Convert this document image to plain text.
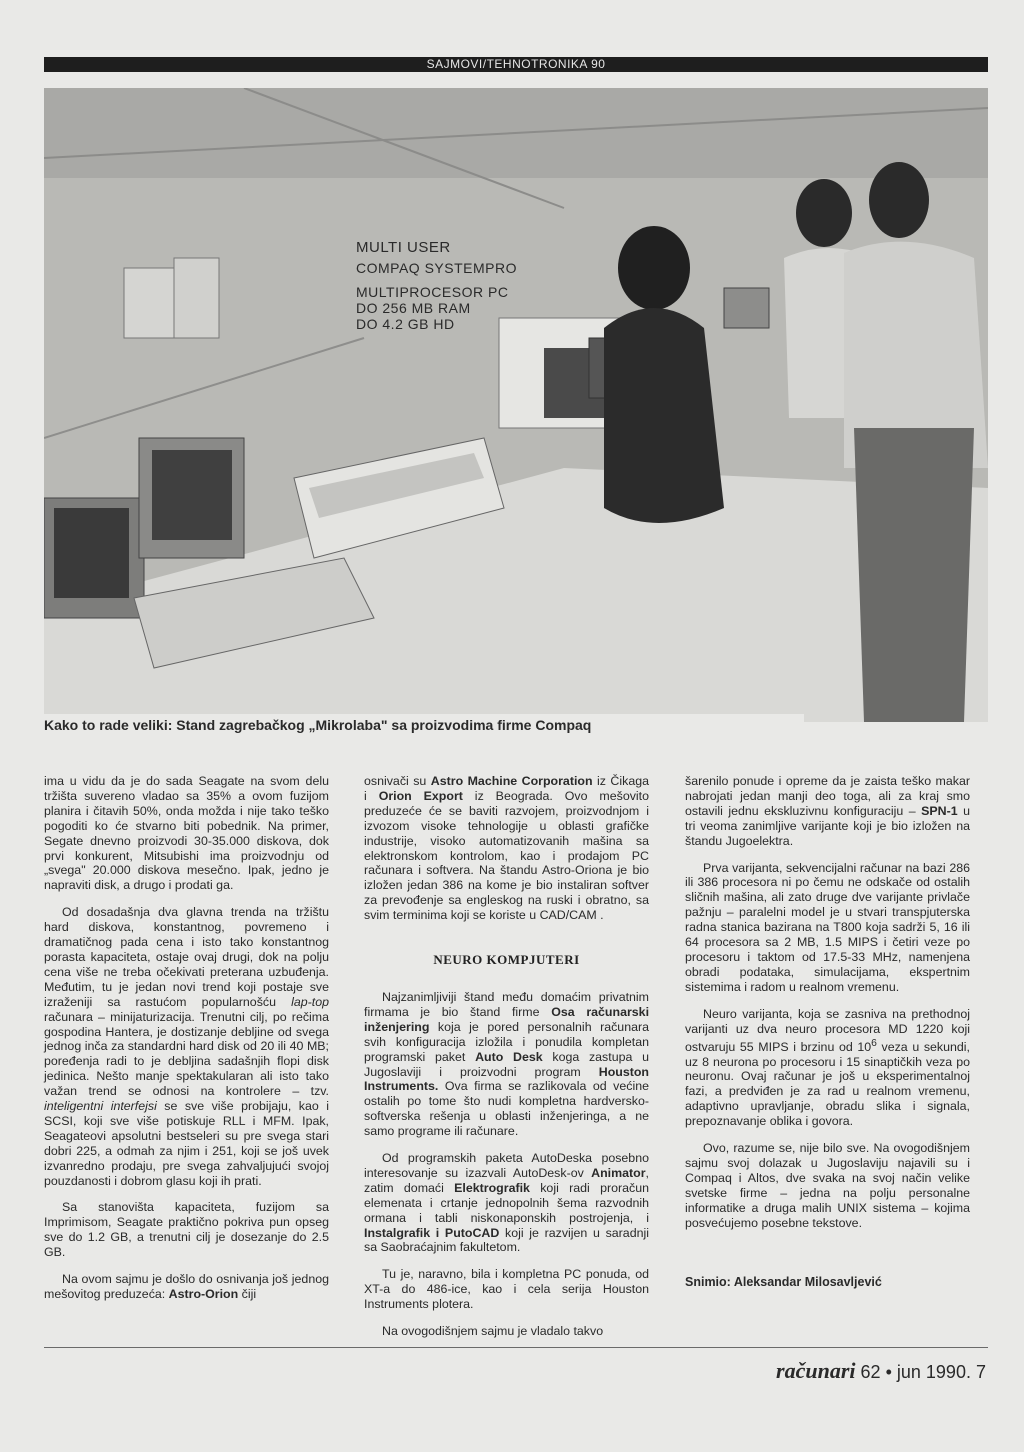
SAJMOVI/TEHNOTRONIKA 90
MULTI USER
COMPAQ SYSTEMPRO
MULTIPROCESOR PC
DO 256 MB RAM
DO 4.2 GB HD
Kako to rade veliki: Stand zagrebačkog „Mikrolaba" sa proizvodima firme Compaq

ima u vidu da je do sada Seagate na svom delu tržišta suvereno vladao sa 35% a ovom fuzijom planira i čitavih 50%, onda možda i nije tako teško pogoditi ko će stvarno biti pobednik. Na primer, Segate dnevno proizvodi 30-35.000 diskova, dok prvi konkurent, Mitsubishi ima proizvodnju od „svega" 20.000 diskova mesečno. Ipak, jedno je napraviti disk, a drugo i prodati ga.

Od dosadašnja dva glavna trenda na tržištu hard diskova, konstantnog, povremeno i dramatičnog pada cena i isto tako konstantnog porasta kapaciteta, ostaje ovaj drugi, dok na polju cena više ne treba očekivati preterana uzbuđenja. Međutim, tu je jedan novi trend koji postaje sve izraženiji sa rastućom popularnošću lap-top računara – minijaturizacija. Trenutni cilj, po rečima gospodina Hantera, je dostizanje debljine od svega jednog inča za standardni hard disk od 20 ili 40 MB; poređenja radi to je debljina sadašnjih flopi disk jedinica. Nešto manje spektakularan ali isto tako važan trend se odnosi na kontrolere – tzv. inteligentni interfejsi se sve više probijaju, kao i SCSI, koji sve više potiskuje RLL i MFM. Ipak, Seagateovi apsolutni bestseleri su pre svega stari dobri 225, a odmah za njim i 251, koji se još uvek izvanredno prodaju, pre svega zahvaljujući svojoj pouzdanosti i dobrom glasu koji ih prati.

Sa stanovišta kapaciteta, fuzijom sa Imprimisom, Seagate praktično pokriva pun opseg sve do 1.2 GB, a trenutni cilj je dosezanje do 2.5 GB.

Na ovom sajmu je došlo do osnivanja još jednog mešovitog preduzeća: Astro-Orion čiji

osnivači su Astro Machine Corporation iz Čikaga i Orion Export iz Beograda. Ovo mešovito preduzeće će se baviti razvojem, proizvodnjom i izvozom visoke tehnologije u oblasti grafičke industrije, visoko automatizovanih mašina sa elektronskom kontrolom, kao i prodajom PC računara i softvera. Na štandu Astro-Oriona je bio izložen jedan 386 na kome je bio instaliran softver za prevođenje sa engleskog na ruski i obratno, sa svim terminima koji se koriste u CAD/CAM .

NEURO KOMPJUTERI

Najzanimljiviji štand među domaćim privatnim firmama je bio štand firme Osa računarski inženjering koja je pored personalnih računara svih konfiguracija izložila i ponudila kompletan programski paket Auto Desk koga zastupa u Jugoslaviji i proizvodni program Houston Instruments. Ova firma se razlikovala od većine ostalih po tome što nudi kompletna hardversko-softverska rešenja u oblasti inženjeringa, a ne samo programe ili računare.

Od programskih paketa AutoDeska posebno interesovanje su izazvali AutoDesk-ov Animator, zatim domaći Elektrografik koji radi proračun elemenata i crtanje jednopolnih šema razvodnih ormana i tabli niskonaponskih postrojenja, i Instalgrafik i PutoCAD koji je razvijen u saradnji sa Saobraćajnim fakultetom.

Tu je, naravno, bila i kompletna PC ponuda, od XT-a do 486-ice, kao i cela serija Houston Instruments plotera.

Na ovogodišnjem sajmu je vladalo takvo

šarenilo ponude i opreme da je zaista teško makar nabrojati jedan manji deo toga, ali za kraj smo ostavili jednu ekskluzivnu konfiguraciju – SPN-1 u tri veoma zanimljive varijante koji je bio izložen na štandu Jugoelektra.

Prva varijanta, sekvencijalni računar na bazi 286 ili 386 procesora ni po čemu ne odskače od ostalih sličnih mašina, ali zato druge dve varijante privlače pažnju – paralelni model je u stvari transpjuterska radna stanica bazirana na T800 koja sadrži 5, 16 ili 64 procesora sa 2 MB, 1.5 MIPS i četiri veze po procesoru i taktom od 17.5-33 MHz, namenjena obradi podataka, simulacijama, ekspertnim sistemima i radom u realnom vremenu.

Neuro varijanta, koja se zasniva na prethodnoj varijanti uz dva neuro procesora MD 1220 koji ostvaruju 55 MIPS i brzinu od $10^6$ veza u sekundi, uz 8 neurona po procesoru i 15 sinaptičkih veza po neuronu. Ovaj računar je još u eksperimentalnoj fazi, a predviđen je za rad u realnom vremenu, adaptivno upravljanje, obradu slika i signala, prepoznavanje oblika i govora.

Ovo, razume se, nije bilo sve. Na ovogodišnjem sajmu svoj dolazak u Jugoslaviju najavili su i Compaq i Altos, dve svaka na svoj način velike svetske firme – jedna na polju personalne informatike a druga malih UNIX sistema – kojima posvećujemo posebne tekstove.

Snimio: Aleksandar Milosavljević
računari 62 • jun 1990. 7
